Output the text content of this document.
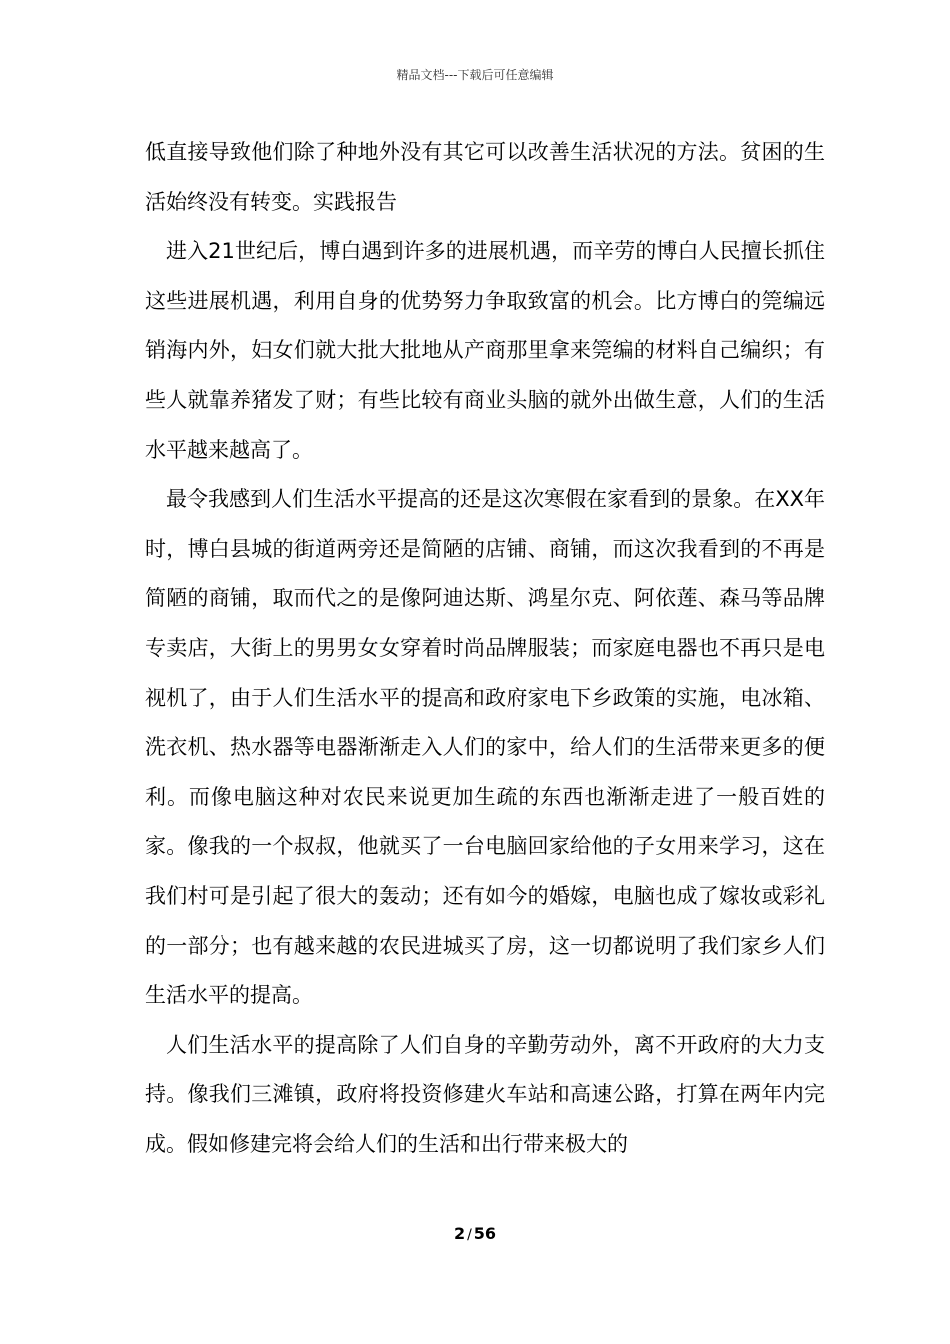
精品文档---下载后可任意编辑

低直接导致他们除了种地外没有其它可以改善生活状况的方法。贫困的生活始终没有转变。实践报告

进入21世纪后，博白遇到许多的进展机遇，而辛劳的博白人民擅长抓住这些进展机遇，利用自身的优势努力争取致富的机会。比方博白的筦编远销海内外，妇女们就大批大批地从产商那里拿来筦编的材料自己编织；有些人就靠养猪发了财；有些比较有商业头脑的就外出做生意，人们的生活水平越来越高了。

最令我感到人们生活水平提高的还是这次寒假在家看到的景象。在XX年时，博白县城的街道两旁还是简陋的店铺、商铺，而这次我看到的不再是简陋的商铺，取而代之的是像阿迪达斯、鸿星尔克、阿依莲、森马等品牌专卖店，大街上的男男女女穿着时尚品牌服装；而家庭电器也不再只是电视机了，由于人们生活水平的提高和政府家电下乡政策的实施，电冰箱、洗衣机、热水器等电器渐渐走入人们的家中，给人们的生活带来更多的便利。而像电脑这种对农民来说更加生疏的东西也渐渐走进了一般百姓的家。像我的一个叔叔，他就买了一台电脑回家给他的子女用来学习，这在我们村可是引起了很大的轰动；还有如今的婚嫁，电脑也成了嫁妆或彩礼的一部分；也有越来越的农民进城买了房，这一切都说明了我们家乡人们生活水平的提高。

人们生活水平的提高除了人们自身的辛勤劳动外，离不开政府的大力支持。像我们三滩镇，政府将投资修建火车站和高速公路，打算在两年内完成。假如修建完将会给人们的生活和出行带来极大的

2 / 56
